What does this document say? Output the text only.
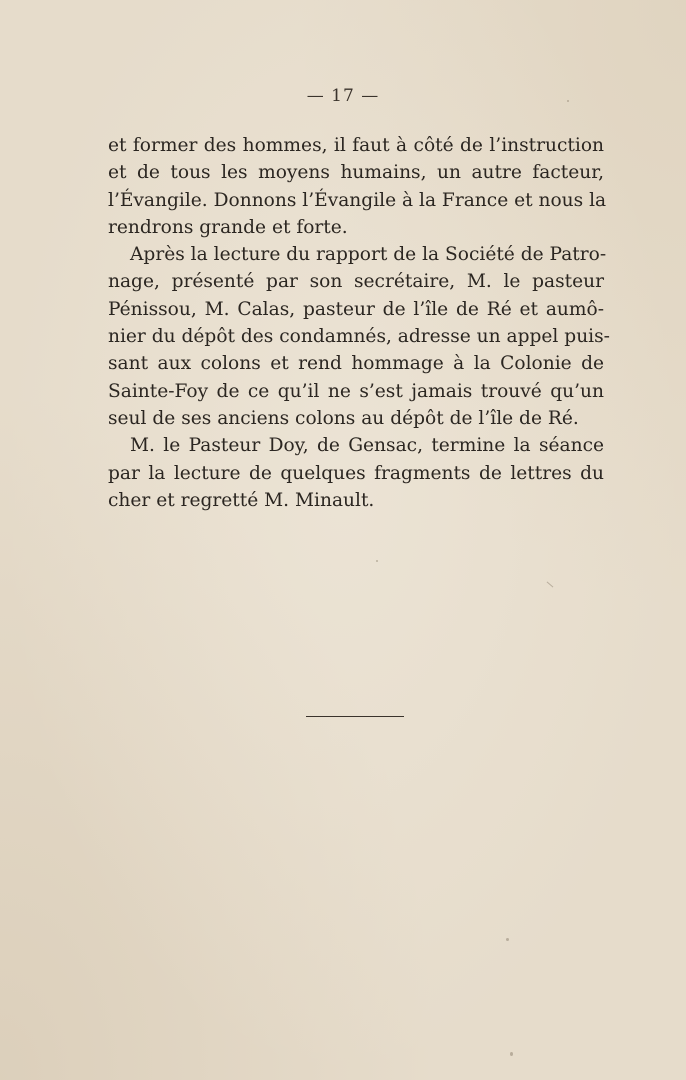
— 17 —
et former des hommes, il faut à côté de l’instruction
et de tous les moyens humains, un autre facteur,
l’Évangile. Donnons l’Évangile à la France et nous la
rendrons grande et forte.
Après la lecture du rapport de la Société de Patro-
nage, présenté par son secrétaire, M. le pasteur
Pénissou, M. Calas, pasteur de l’île de Ré et aumô-
nier du dépôt des condamnés, adresse un appel puis-
sant aux colons et rend hommage à la Colonie de
Sainte-Foy de ce qu’il ne s’est jamais trouvé qu’un
seul de ses anciens colons au dépôt de l’île de Ré.
M. le Pasteur Doy, de Gensac, termine la séance
par la lecture de quelques fragments de lettres du
cher et regretté M. Minault.
